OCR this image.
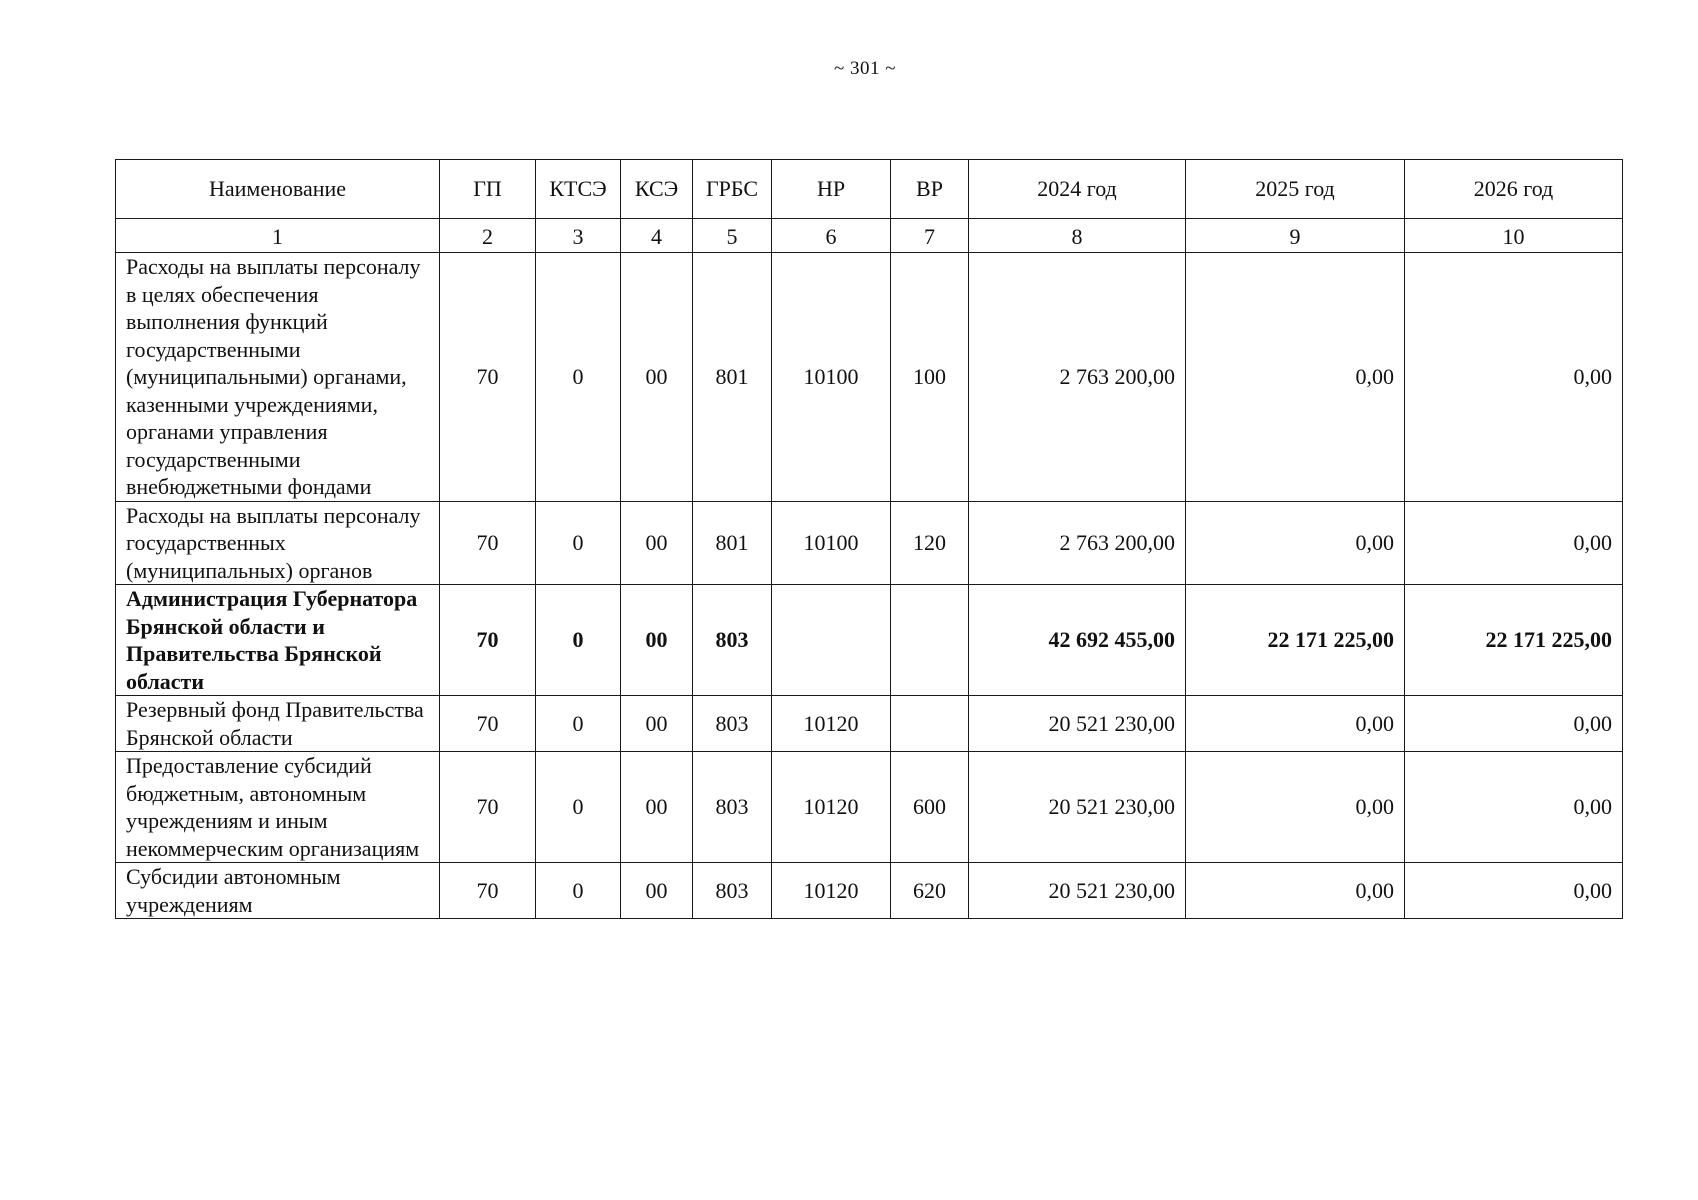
~ 301 ~
Наименование	ГП	КТСЭ	КСЭ	ГРБС	НР	ВР	2024 год	2025 год	2026 год
1	2	3	4	5	6	7	8	9	10
Расходы на выплаты персоналу в целях обеспечения выполнения функций государственными (муниципальными) органами, казенными учреждениями, органами управления государственными внебюджетными фондами	70	0	00	801	10100	100	2 763 200,00	0,00	0,00
Расходы на выплаты персоналу государственных (муниципальных) органов	70	0	00	801	10100	120	2 763 200,00	0,00	0,00
Администрация Губернатора Брянской области и Правительства Брянской области	70	0	00	803			42 692 455,00	22 171 225,00	22 171 225,00
Резервный фонд Правительства Брянской области	70	0	00	803	10120		20 521 230,00	0,00	0,00
Предоставление субсидий бюджетным, автономным учреждениям и иным некоммерческим организациям	70	0	00	803	10120	600	20 521 230,00	0,00	0,00
Субсидии автономным учреждениям	70	0	00	803	10120	620	20 521 230,00	0,00	0,00
